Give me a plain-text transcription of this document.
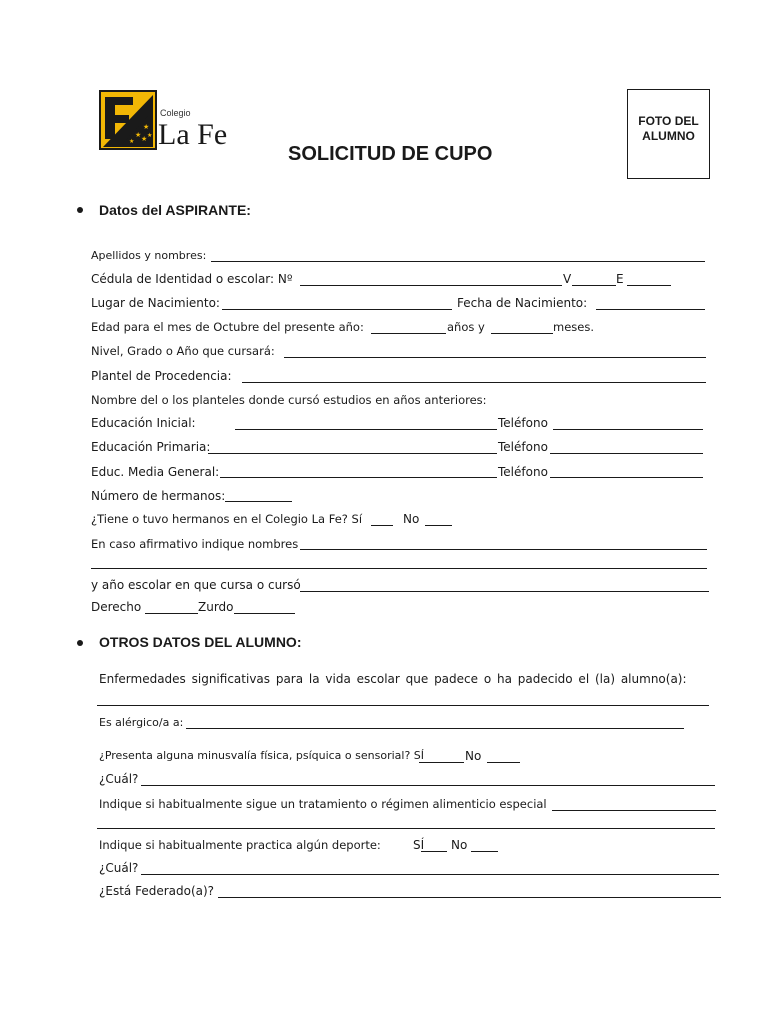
★
★
★
★
★
Colegio
La Fe	FOTO DEL
ALUMNO
SOLICITUD DE CUPO
Datos del ASPIRANTE:
Apellidos y nombres:
Cédula de Identidad o escolar: Nº	V	E
Lugar de Nacimiento:	Fecha de Nacimiento:
Edad para el mes de Octubre del presente año:	años y	meses.
Nivel, Grado o Año que cursará:
Plantel de Procedencia:
Nombre del o los planteles donde cursó estudios en años anteriores:
Educación Inicial:	Teléfono
Educación Primaria:	Teléfono
Educ. Media General:	Teléfono
Número de hermanos:
¿Tiene o tuvo hermanos en el Colegio La Fe? Sí	No
En caso afirmativo indique nombres
y año escolar en que cursa o cursó
Derecho	Zurdo
OTROS DATOS DEL ALUMNO:
Enfermedades significativas para la vida escolar que padece o ha padecido el (la) alumno(a):
Es alérgico/a a:
¿Presenta alguna minusvalía física, psíquica o sensorial? SÍ	No
¿Cuál?
Indique si habitualmente sigue un tratamiento o régimen alimenticio especial
Indique si habitualmente practica algún deporte:	SÍ No
¿Cuál?
¿Está Federado(a)?
